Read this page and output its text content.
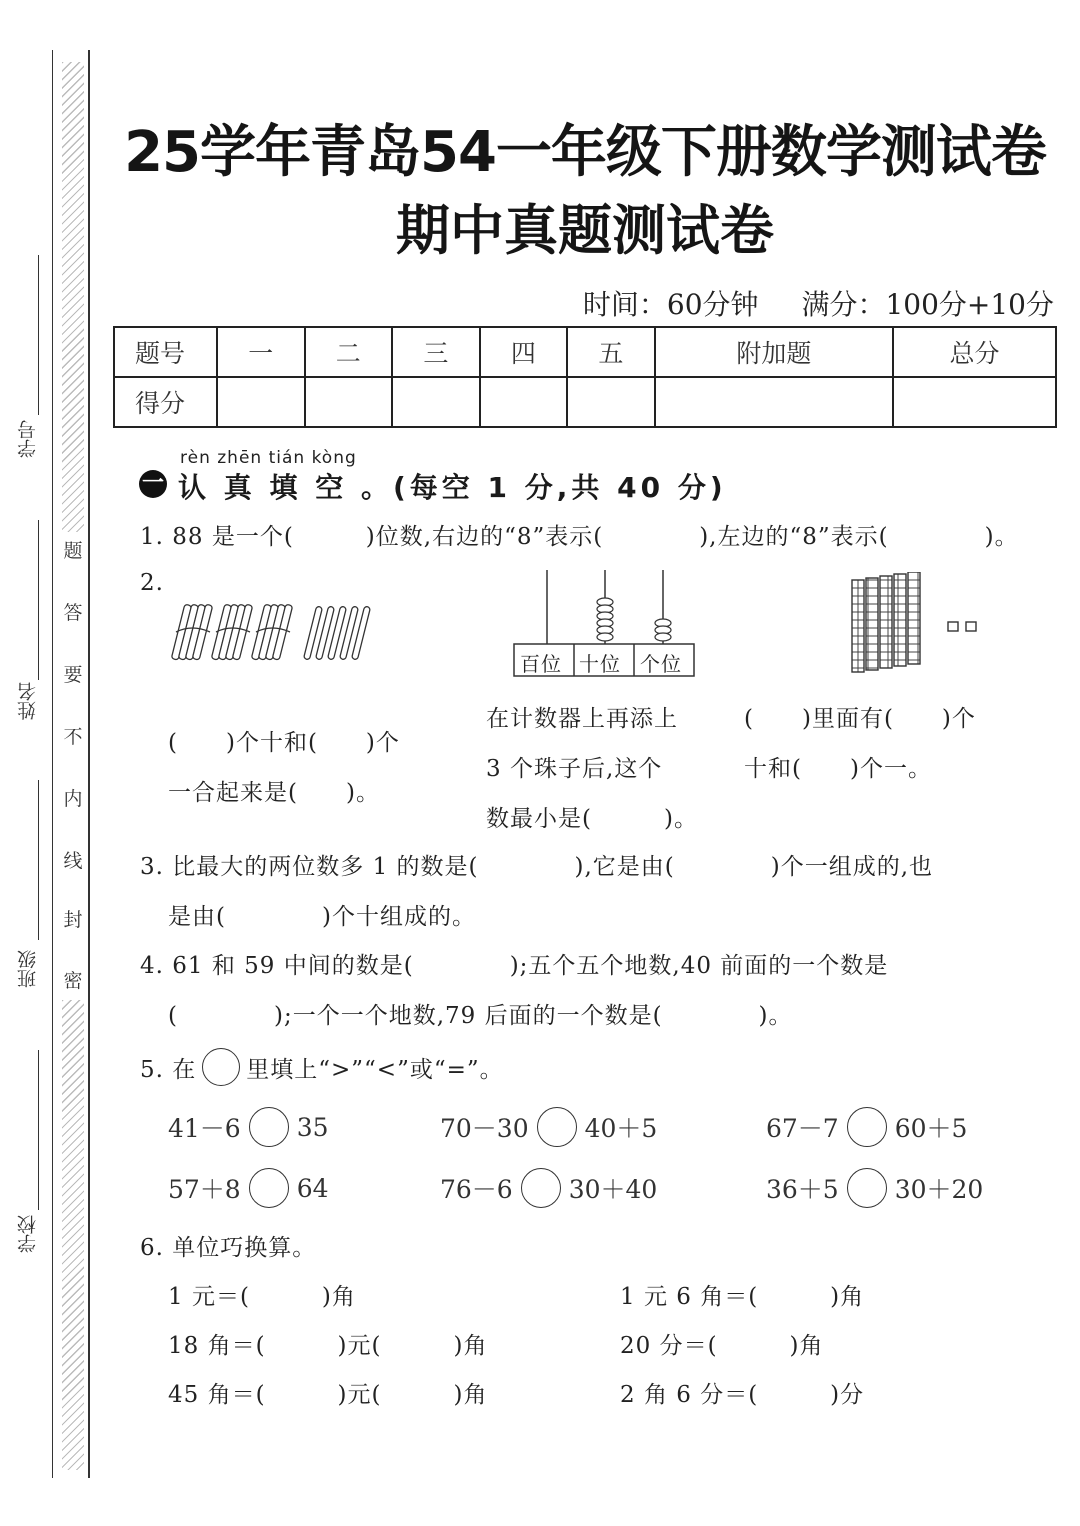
题
答
要
不
内
线
封
密
学号
姓名
班级
学校
25学年青岛54一年级下册数学测试卷
期中真题测试卷
时间：60分钟 满分：100分+10分
题号	一	二	三	四	五	附加题	总分
得分							
rèn zhēn tián kòng
一 认 真 填 空 。(每空 1 分,共 40 分)
1. 88 是一个(　　　)位数,右边的“8”表示(　　　　),左边的“8”表示(　　　　)。
2.
(　　)个十和(　　)个
一合起来是(　　)。
百位 十位 个位
在计数器上再添上
3 个珠子后,这个
数最小是(　　　)。
(　　)里面有(　　)个
十和(　　)个一。
3. 比最大的两位数多 1 的数是(　　　　),它是由(　　　　)个一组成的,也
是由(　　　　)个十组成的。
4. 61 和 59 中间的数是(　　　　);五个五个地数,40 前面的一个数是
(　　　　);一个一个地数,79 后面的一个数是(　　　　)。
5. 在 里填上“>”“<”或“=”。
41－6 35	70－30 40＋5	67－7 60＋5
57＋8 64	76－6 30＋40	36＋5 30＋20
6. 单位巧换算。
1 元＝(　　　)角	1 元 6 角＝(　　　)角
18 角＝(　　　)元(　　　)角	20 分＝(　　　)角
45 角＝(　　　)元(　　　)角	2 角 6 分＝(　　　)分
